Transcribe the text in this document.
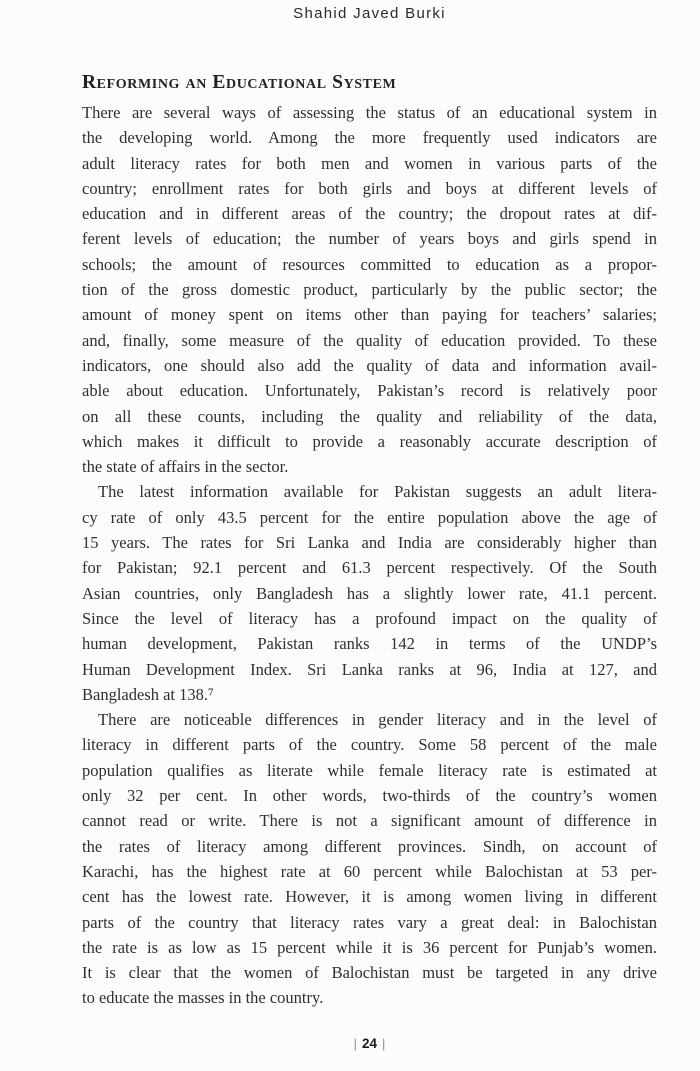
Shahid Javed Burki
Reforming an Educational System
There are several ways of assessing the status of an educational system in
the developing world. Among the more frequently used indicators are
adult literacy rates for both men and women in various parts of the
country; enrollment rates for both girls and boys at different levels of
education and in different areas of the country; the dropout rates at dif-
ferent levels of education; the number of years boys and girls spend in
schools; the amount of resources committed to education as a propor-
tion of the gross domestic product, particularly by the public sector; the
amount of money spent on items other than paying for teachers’ salaries;
and, finally, some measure of the quality of education provided. To these
indicators, one should also add the quality of data and information avail-
able about education. Unfortunately, Pakistan’s record is relatively poor
on all these counts, including the quality and reliability of the data,
which makes it difficult to provide a reasonably accurate description of
the state of affairs in the sector.
The latest information available for Pakistan suggests an adult litera-
cy rate of only 43.5 percent for the entire population above the age of
15 years. The rates for Sri Lanka and India are considerably higher than
for Pakistan; 92.1 percent and 61.3 percent respectively. Of the South
Asian countries, only Bangladesh has a slightly lower rate, 41.1 percent.
Since the level of literacy has a profound impact on the quality of
human development, Pakistan ranks 142 in terms of the UNDP’s
Human Development Index. Sri Lanka ranks at 96, India at 127, and
Bangladesh at 138.⁷
There are noticeable differences in gender literacy and in the level of
literacy in different parts of the country. Some 58 percent of the male
population qualifies as literate while female literacy rate is estimated at
only 32 per cent. In other words, two-thirds of the country’s women
cannot read or write. There is not a significant amount of difference in
the rates of literacy among different provinces. Sindh, on account of
Karachi, has the highest rate at 60 percent while Balochistan at 53 per-
cent has the lowest rate. However, it is among women living in different
parts of the country that literacy rates vary a great deal: in Balochistan
the rate is as low as 15 percent while it is 36 percent for Punjab’s women.
It is clear that the women of Balochistan must be targeted in any drive
to educate the masses in the country.
| 24 |
